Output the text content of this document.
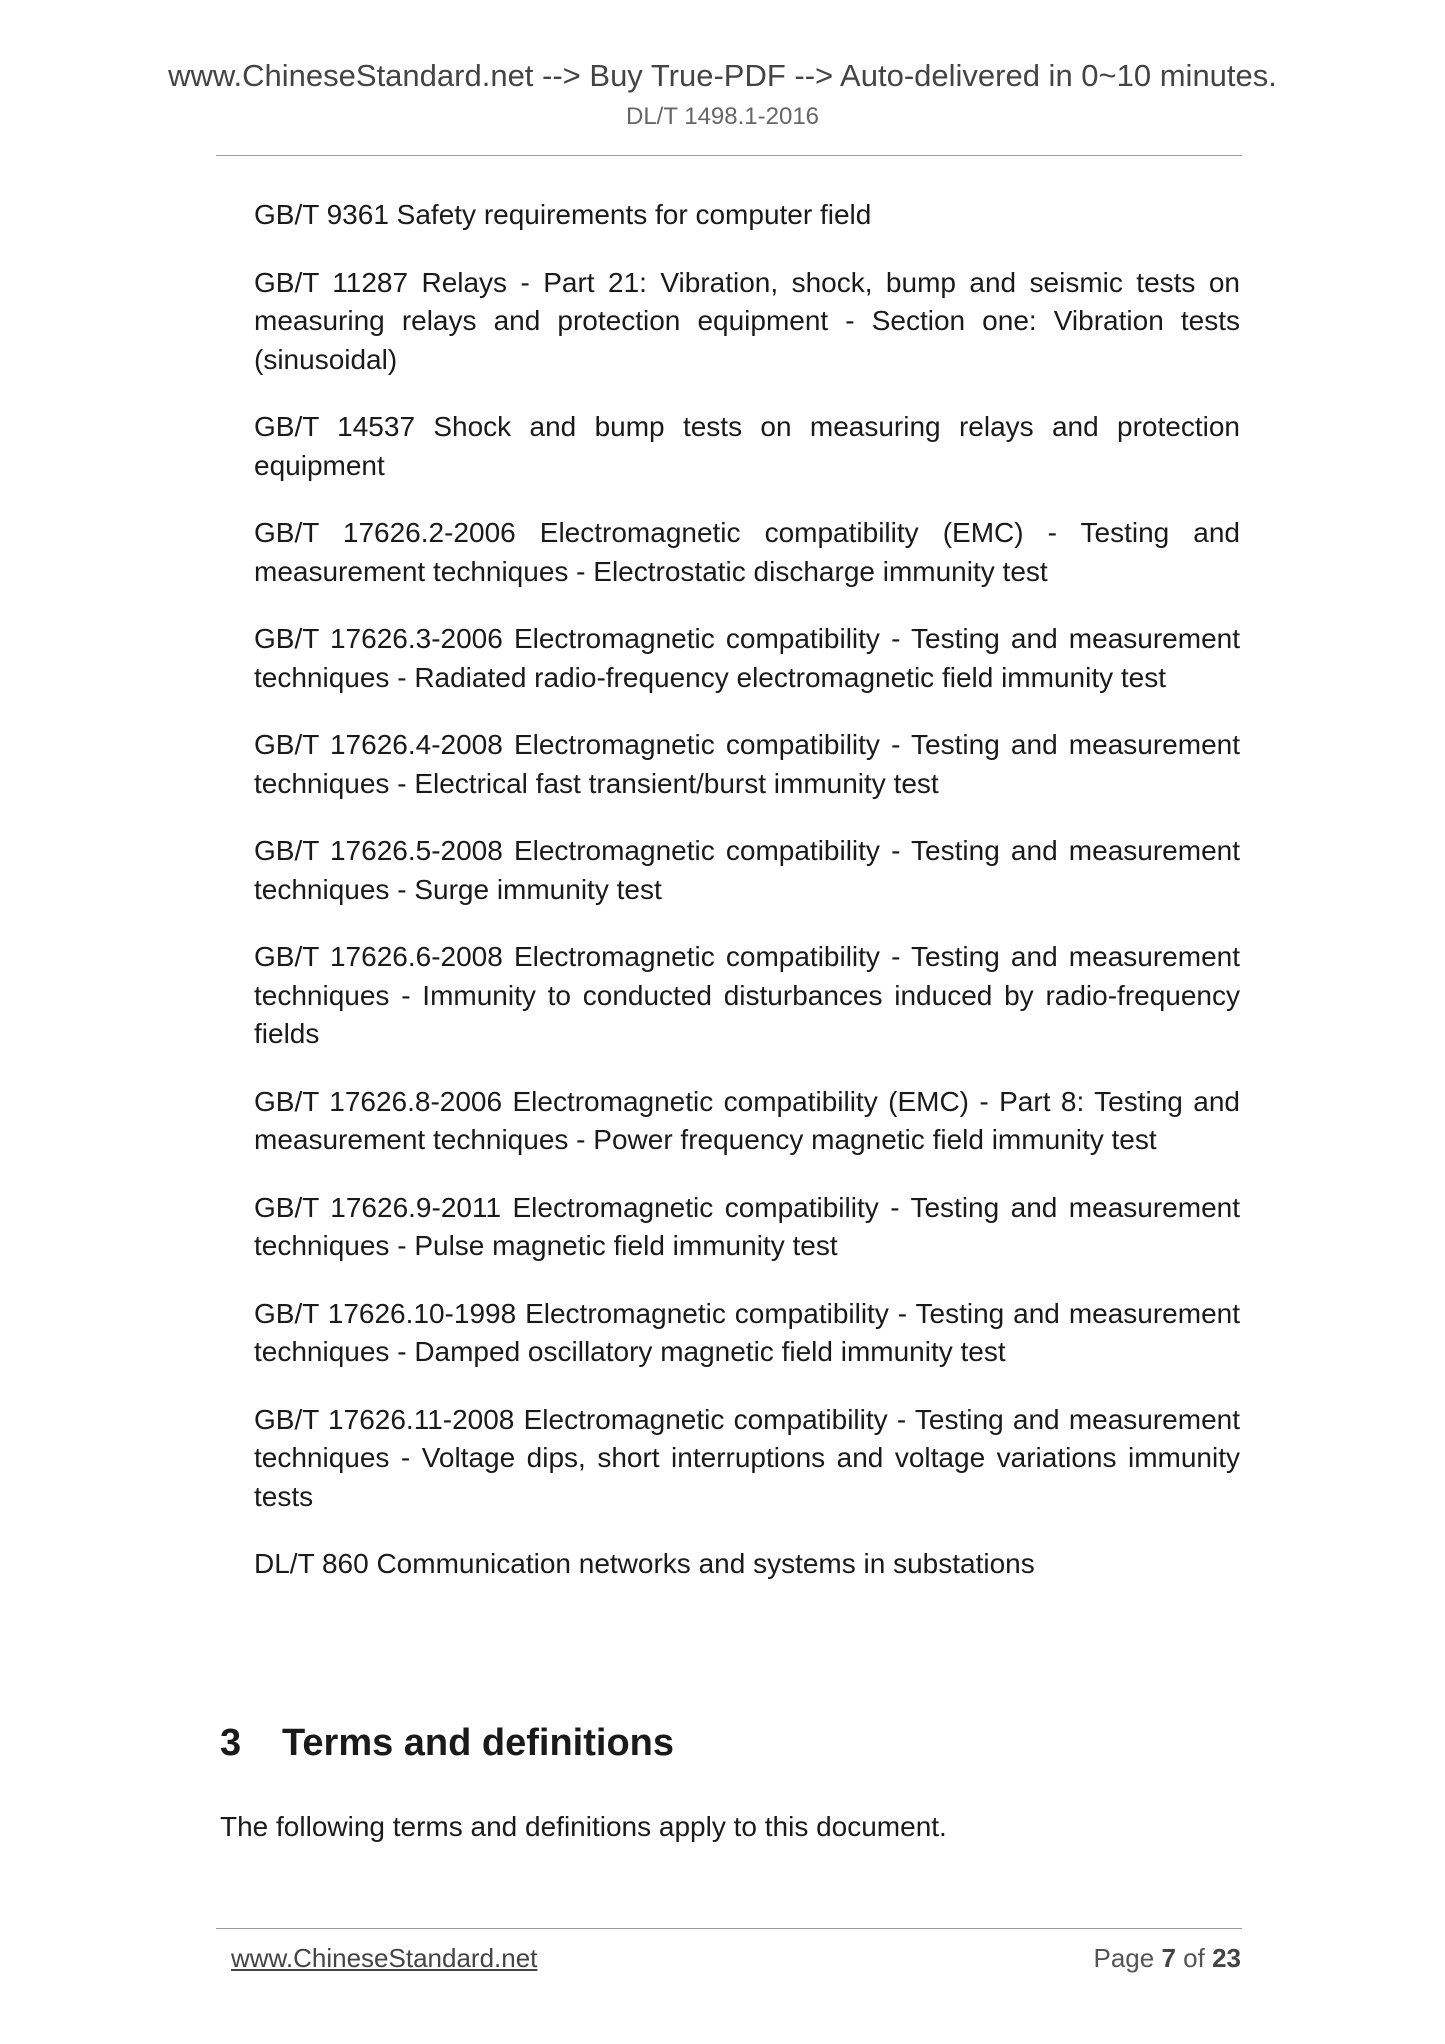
www.ChineseStandard.net --> Buy True-PDF --> Auto-delivered in 0~10 minutes.
DL/T 1498.1-2016
GB/T 9361 Safety requirements for computer field
GB/T 11287 Relays - Part 21: Vibration, shock, bump and seismic tests on measuring relays and protection equipment - Section one: Vibration tests (sinusoidal)
GB/T 14537 Shock and bump tests on measuring relays and protection equipment
GB/T 17626.2-2006 Electromagnetic compatibility (EMC) - Testing and measurement techniques - Electrostatic discharge immunity test
GB/T 17626.3-2006 Electromagnetic compatibility - Testing and measurement techniques - Radiated radio-frequency electromagnetic field immunity test
GB/T 17626.4-2008 Electromagnetic compatibility - Testing and measurement techniques - Electrical fast transient/burst immunity test
GB/T 17626.5-2008 Electromagnetic compatibility - Testing and measurement techniques - Surge immunity test
GB/T 17626.6-2008 Electromagnetic compatibility - Testing and measurement techniques - Immunity to conducted disturbances induced by radio-frequency fields
GB/T 17626.8-2006 Electromagnetic compatibility (EMC) - Part 8: Testing and measurement techniques - Power frequency magnetic field immunity test
GB/T 17626.9-2011 Electromagnetic compatibility - Testing and measurement techniques - Pulse magnetic field immunity test
GB/T 17626.10-1998 Electromagnetic compatibility - Testing and measurement techniques - Damped oscillatory magnetic field immunity test
GB/T 17626.11-2008 Electromagnetic compatibility - Testing and measurement techniques - Voltage dips, short interruptions and voltage variations immunity tests
DL/T 860 Communication networks and systems in substations
3 Terms and definitions

The following terms and definitions apply to this document.

www.ChineseStandard.net	Page 7 of 23
